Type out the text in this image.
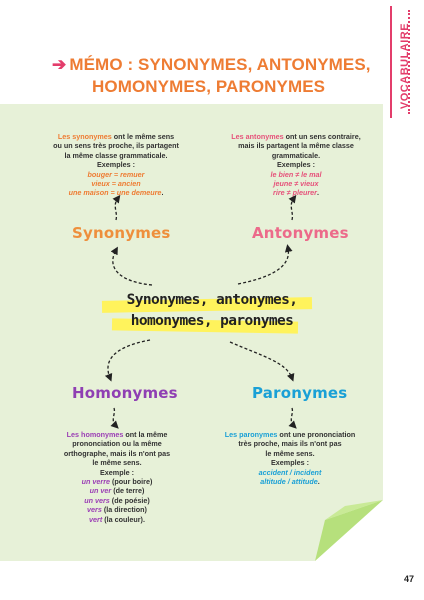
VOCABULAIRE
➔ MÉMO : SYNONYMES, ANTONYMES,
HOMONYMES, PARONYMES
Les synonymes ont le même sens
ou un sens très proche, ils partagent
la même classe grammaticale.
Exemples :
bouger = remuer
vieux = ancien
une maison = une demeure.
Les antonymes ont un sens contraire,
mais ils partagent la même classe
grammaticale.
Exemples :
le bien ≠ le mal
jeune ≠ vieux
rire ≠ pleurer.
Synonymes	Antonymes
Synonymes, antonymes,
homonymes, paronymes
Homonymes	Paronymes
Les homonymes ont la même
prononciation ou la même
orthographe, mais ils n'ont pas
le même sens.
Exemple :
un verre (pour boire)
un ver (de terre)
un vers (de poésie)
vers (la direction)
vert (la couleur).
Les paronymes ont une prononciation
très proche, mais ils n'ont pas
le même sens.
Exemples :
accident / incident
altitude / attitude.
47
